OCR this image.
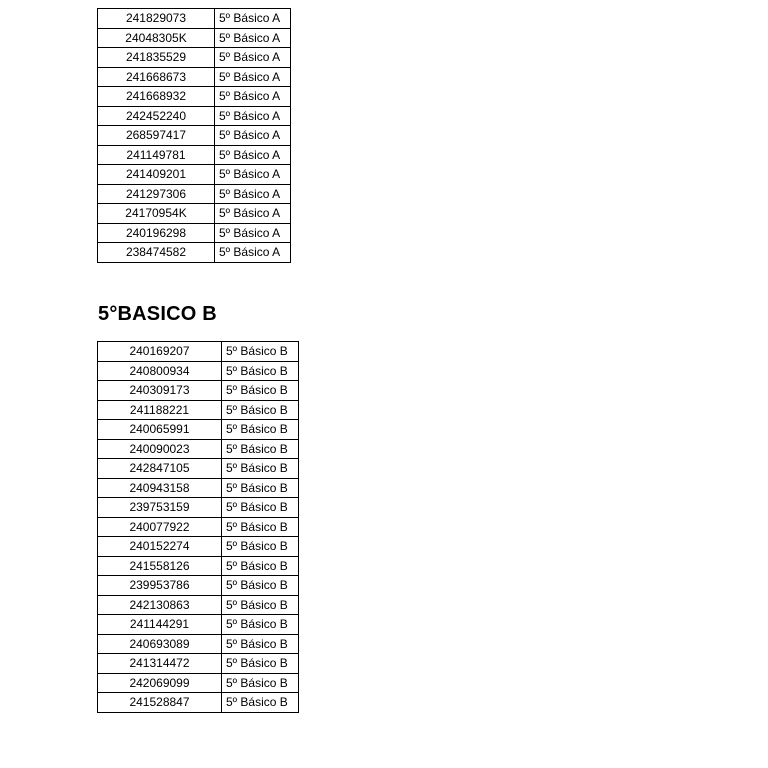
241829073	5º Básico A
24048305K	5º Básico A
241835529	5º Básico A
241668673	5º Básico A
241668932	5º Básico A
242452240	5º Básico A
268597417	5º Básico A
241149781	5º Básico A
241409201	5º Básico A
241297306	5º Básico A
24170954K	5º Básico A
240196298	5º Básico A
238474582	5º Básico A
5°BASICO B
240169207	5º Básico B
240800934	5º Básico B
240309173	5º Básico B
241188221	5º Básico B
240065991	5º Básico B
240090023	5º Básico B
242847105	5º Básico B
240943158	5º Básico B
239753159	5º Básico B
240077922	5º Básico B
240152274	5º Básico B
241558126	5º Básico B
239953786	5º Básico B
242130863	5º Básico B
241144291	5º Básico B
240693089	5º Básico B
241314472	5º Básico B
242069099	5º Básico B
241528847	5º Básico B
